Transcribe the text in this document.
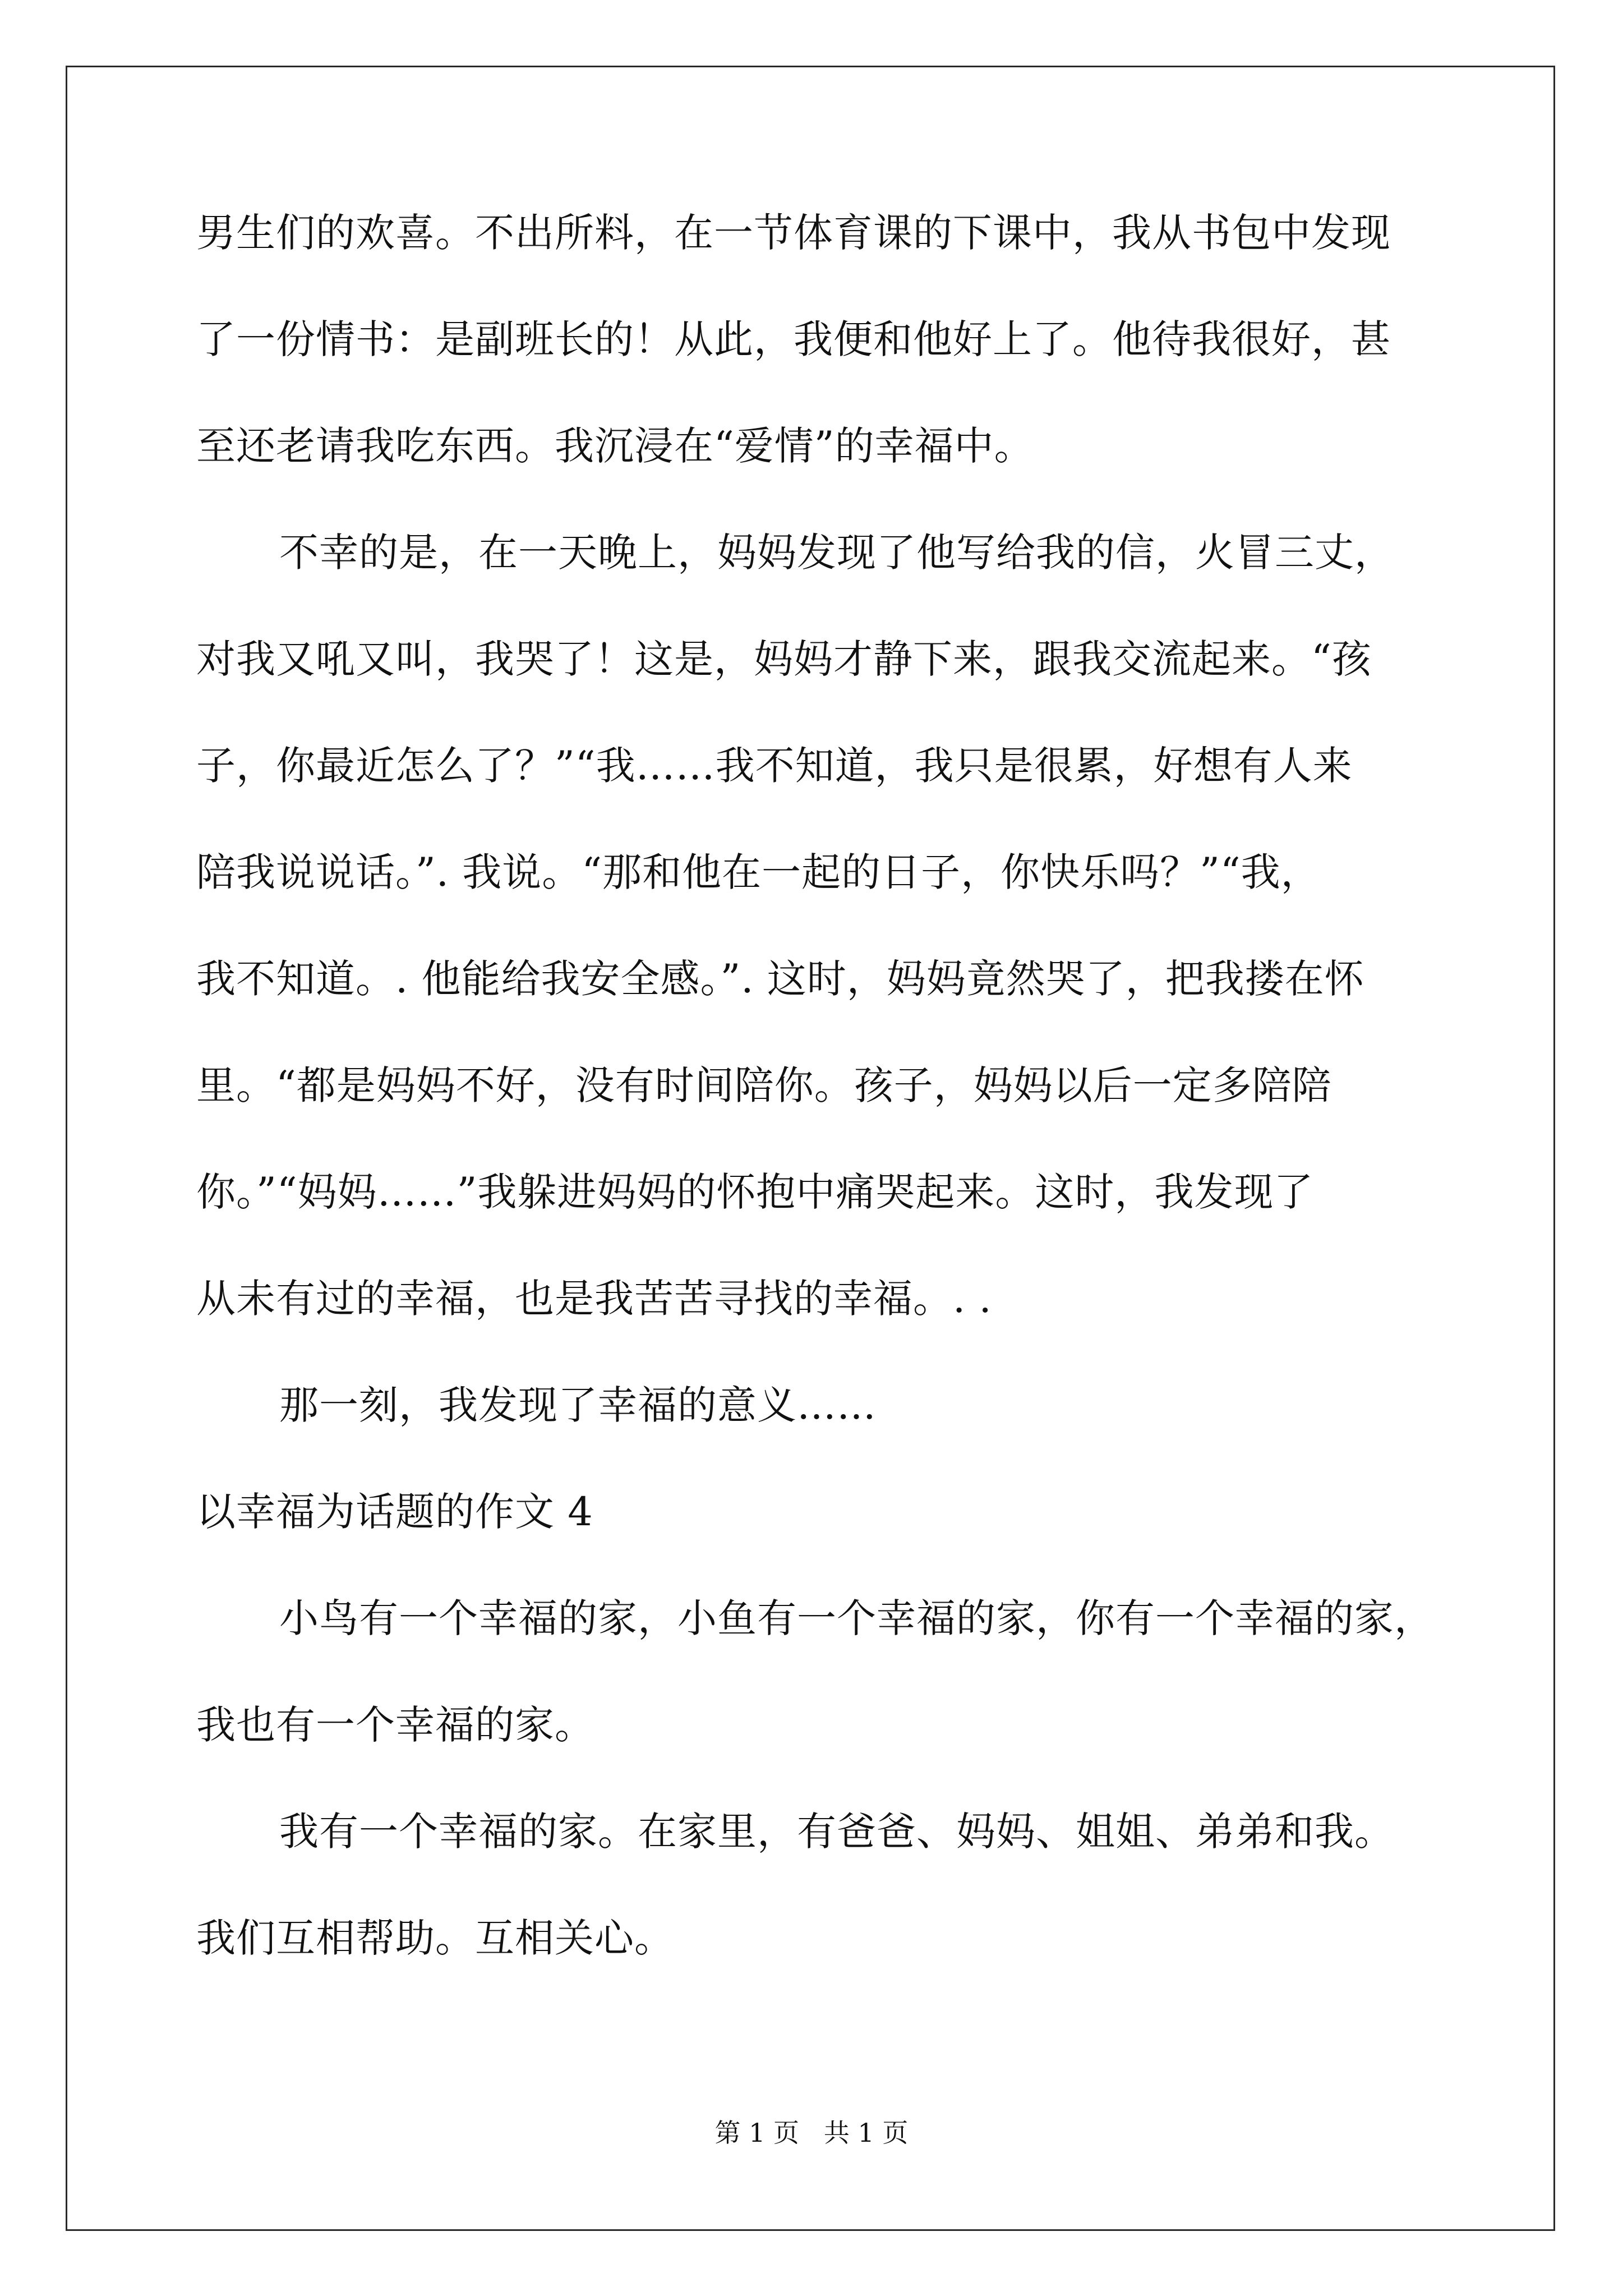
男生们的欢喜。不出所料，在一节体育课的下课中，我从书包中发现
了一份情书：是副班长的！从此，我便和他好上了。他待我很好，甚
至还老请我吃东西。我沉浸在“爱情”的幸福中。
不幸的是，在一天晚上，妈妈发现了他写给我的信，火冒三丈，
对我又吼又叫，我哭了！这是，妈妈才静下来，跟我交流起来。“孩
子，你最近怎么了？”“我……我不知道，我只是很累，好想有人来
陪我说说话。”. 我说。“那和他在一起的日子，你快乐吗？”“我，
我不知道。. 他能给我安全感。”. 这时，妈妈竟然哭了，把我搂在怀
里。“都是妈妈不好，没有时间陪你。孩子，妈妈以后一定多陪陪
你。”“妈妈……”我躲进妈妈的怀抱中痛哭起来。这时，我发现了
从未有过的幸福，也是我苦苦寻找的幸福。. .
那一刻，我发现了幸福的意义……
以幸福为话题的作文 4
小鸟有一个幸福的家，小鱼有一个幸福的家，你有一个幸福的家，
我也有一个幸福的家。
我有一个幸福的家。在家里，有爸爸、妈妈、姐姐、弟弟和我。
我们互相帮助。互相关心。
第 1 页   共 1 页
